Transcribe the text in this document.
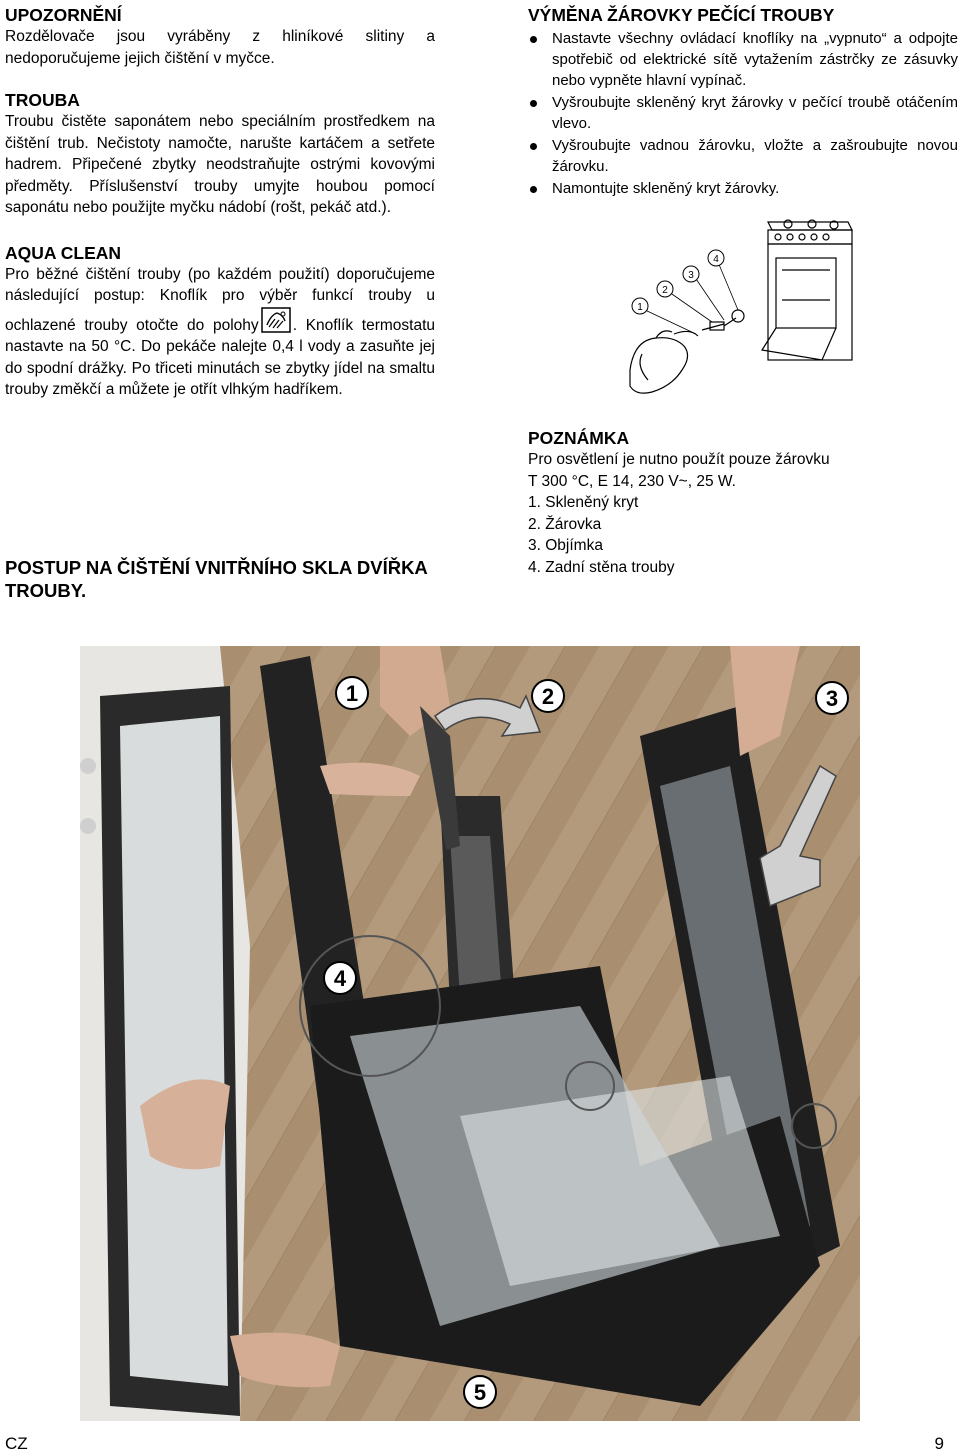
UPOZORNĚNÍ

Rozdělovače jsou vyráběny z hliníkové slitiny a nedoporučujeme jejich čištění v myčce.

TROUBA

Troubu čistěte saponátem nebo speciálním prostředkem na čištění trub. Nečistoty namočte, narušte kartáčem a setřete hadrem. Připečené zbytky neodstraňujte ostrými kovovými předměty. Příslušenství trouby umyjte houbou pomocí saponátu nebo použijte myčku nádobí (rošt, pekáč atd.).

AQUA CLEAN

Pro běžné čištění trouby (po každém použití) doporučujeme následující postup: Knoflík pro výběr funkcí trouby u ochlazené trouby otočte do polohy . Knoflík termostatu nastavte na 50 °C. Do pekáče nalejte 0,4 l vody a zasuňte jej do spodní drážky. Po třiceti minutách se zbytky jídel na smaltu trouby změkčí a můžete je otřít vlhkým hadříkem.

POSTUP NA ČIŠTĚNÍ VNITŘNÍHO SKLA DVÍŘKA TROUBY.
VÝMĚNA ŽÁROVKY PEČÍCÍ TROUBY
Nastavte všechny ovládací knoflíky na „vypnuto“ a odpojte spotřebič od elektrické sítě vytažením zástrčky ze zásuvky nebo vypněte hlavní vypínač.
Vyšroubujte skleněný kryt žárovky v pečící troubě otáčením vlevo.
Vyšroubujte vadnou žárovku, vložte a zašroubujte novou žárovku.
Namontujte skleněný kryt žárovky.
1
2
3
4
POZNÁMKA

Pro osvětlení je nutno použít pouze žárovku

T 300 °C, E 14, 230 V~, 25 W.

1. Skleněný kryt

2. Žárovka

3. Objímka

4. Zadní stěna trouby

1	2	3
4
5
CZ	9
